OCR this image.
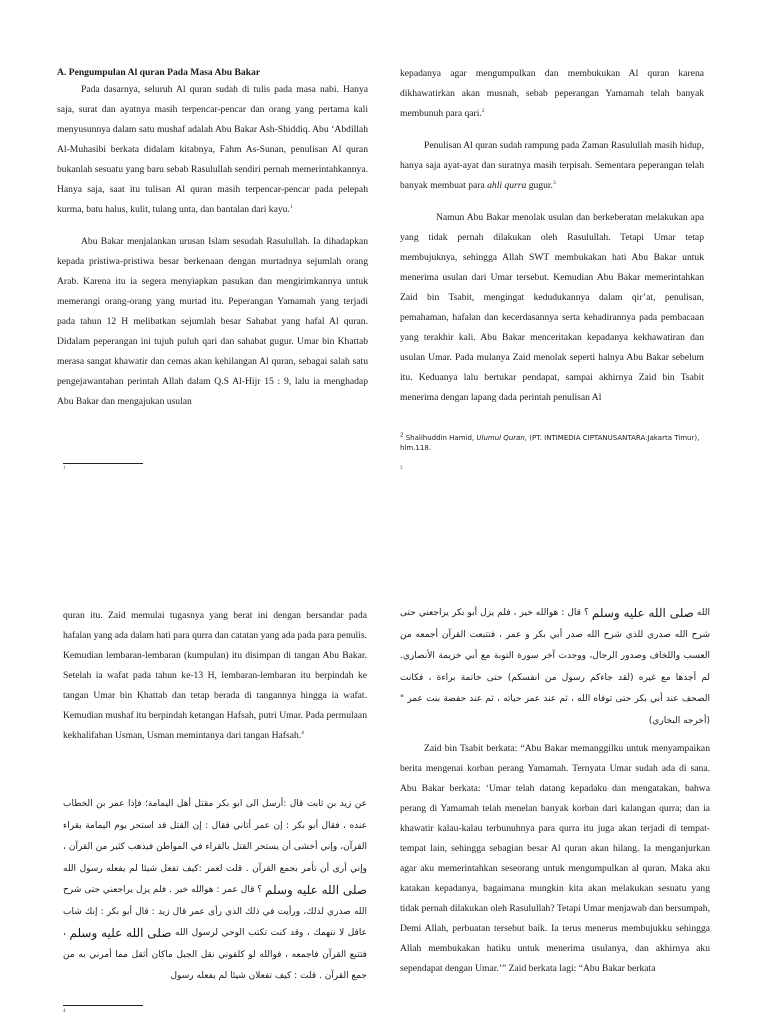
A. Pengumpulan Al quran Pada Masa Abu Bakar

Pada dasarnya, seluruh Al quran sudah di tulis pada masa nabi. Hanya saja, surat dan ayatnya masih terpencar-pencar dan orang yang pertama kali menyusunnya dalam satu mushaf adalah Abu Bakar Ash-Shiddiq. Abu ‘Abdillah Al-Muhasibi berkata didalam kitabnya, Fahm As-Sunan, penulisan Al quran bukanlah sesuatu yang baru sebab Rasulullah sendiri pernah memerintahkannya. Hanya saja, saat itu tulisan Al quran masih terpencar-pencar pada pelepah kurma, batu halus, kulit, tulang unta, dan bantalan dari kayu.$^1$

Abu Bakar menjalankan urusan Islam sesudah Rasulullah. Ia dihadapkan kepada pristiwa-pristiwa besar berkenaan dengan murtadnya sejumlah orang Arab. Karena itu ia segera menyiapkan pasukan dan mengirimkannya untuk memerangi orang-orang yang murtad itu. Peperangan Yamamah yang terjadi pada tahun 12 H melibatkan sejumlah besar Sahabat yang hafal Al quran. Didalam peperangan ini tujuh puluh qari dan sahabat gugur. Umar bin Khattab merasa sangat khawatir dan cemas akan kehilangan Al quran, sebagai salah satu pengejawantahan perintah Allah dalam Q.S Al-Hijr 15 : 9, lalu ia menghadap Abu Bakar dan mengajukan usulan

1

kepadanya agar mengumpulkan dan membukukan Al quran karena dikhawatirkan akan musnah, sebab peperangan Yamamah telah banyak membunuh para qari.$^2$

Penulisan Al quran sudah rampung pada Zaman Rasulullah masih hidup, hanya saja ayat-ayat dan suratnya masih terpisah. Sementara peperangan telah banyak membuat para ahli qurra gugur.$^3$

Namun Abu Bakar menolak usulan dan berkeberatan melakukan apa yang tidak pernah dilakukan oleh Rasulullah. Tetapi Umar tetap membujuknya, sehingga Allah SWT membukakan hati Abu Bakar untuk menerima usulan dari Umar tersebut. Kemudian Abu Bakar memerintahkan Zaid bin Tsabit, mengingat kedudukannya dalam qir’at, penulisan, pemahaman, hafalan dan kecerdasannya serta kehadirannya pada pembacaan yang terakhir kali. Abu Bakar menceritakan kepadanya kekhawatiran dan usulan Umar. Pada mulanya Zaid menolak seperti halnya Abu Bakar sebelum itu. Keduanya lalu bertukar pendapat, sampai akhirnya Zaid bin Tsabit menerima dengan lapang dada perintah penulisan Al

$^2$ Shalihuddin Hamid, Ulumul Quran, (PT. INTIMEDIA CIPTANUSANTARA:Jakarta Timur), hlm.118.
3

quran itu. Zaid memulai tugasnya yang berat ini dengan bersandar pada hafalan yang ada dalam hati para qurra dan catatan yang ada pada para penulis. Kemudian lembaran-lembaran (kumpulan) itu disimpan di tangan Abu Bakar. Setelah ia wafat pada tahun ke-13 H, lembaran-lembaran itu berpindah ke tangan Umar bin Khattab dan tetap berada di tangannya hingga ia wafat. Kemudian mushaf itu berpindah ketangan Hafsah, putri Umar. Pada permulaan kekhalifahan Usman, Usman memintanya dari tangan Hafsah.$^4$

عن زيد بن ثابت قال :أرسل الى ابو بكر مقتل أهل اليمامة؛ فإذا عمر بن الخطاب عنده ، فقال أبو بكر : إن عمر أتاني فقال : إن القتل قد استحر يوم اليمامة بقراء القرآن، وإني أخشى أن يستحر القتل بالقراء في المواطن فيذهب كثير من القرآن ، وإني أرى أن تأمر بجمع القرآن . قلت لعمر :كيف تفعل شيئا لم يفعله رسول الله صلى الله عليه وسلم ؟ قال عمر : هوالله خير . فلم يزل يراجعني حتى شرح الله صدري لذلك، ورأيت في ذلك الذي رأى عمر قال زيد : قال أبو بكر : إنك شاب عاقل لا نتهمك ، وقد كنت تكتب الوحي لرسول الله صلى الله عليه وسلم ، فتتبع القرآن فاجمعه ، فوالله لو كلفوني نقل الجبل ماكان أثقل مما أمرني به من جمع القرآن . قلت : كيف تفعلان شيئا لم يفعله رسول
4
الله صلى الله عليه وسلم ؟ قال : هوالله خير ، فلم يزل أبو بكر يراجعني حتى شرح الله صدري للذي شرح الله صدر أبي بكر و عمر ، فتتبعت القرآن أجمعه من العسب واللخاف وصدور الرجال، ووجدت آخر سورة التوبة مع أبي خزيمة الأنصاري. لم أجدها مع غيره (لقد جاءكم رسول من انفسكم) حتى خاتمة براءة ، فكانت الصحف عند أبي بكر حتى توفاه الله ، ثم عند عمر حياته ، ثم عند حفصة بنت عمر "(أخرجه البخاري)

Zaid bin Tsabit berkata: “Abu Bakar memanggilku untuk menyampaikan berita mengenai korban perang Yamamah. Ternyata Umar sudah ada di sana. Abu Bakar berkata: ‘Umar telah datang kepadaku dan mengatakan, bahwa perang di Yamamah telah menelan banyak korban dari kalangan qurra; dan ia khawatir kalau-kalau terbunuhnya para qurra itu juga akan terjadi di tempat-tempat lain, sehingga sebagian besar Al quran akan hilang. Ia menganjurkan agar aku memerintahkan seseorang untuk mengumpulkan al quran. Maka aku katakan kepadanya, bagaimana mungkin kita akan melakukan sesuatu yang tidak pernah dilakukan oleh Rasulullah? Tetapi Umar menjawab dan bersumpah, Demi Allah, perbuatan tersebut baik. Ia terus menerus membujukku sehingga Allah membukakan hatiku untuk menerima usulanya, dan akhirnya aku sependapat dengan Umar.’” Zaid berkata lagi: “Abu Bakar berkata
